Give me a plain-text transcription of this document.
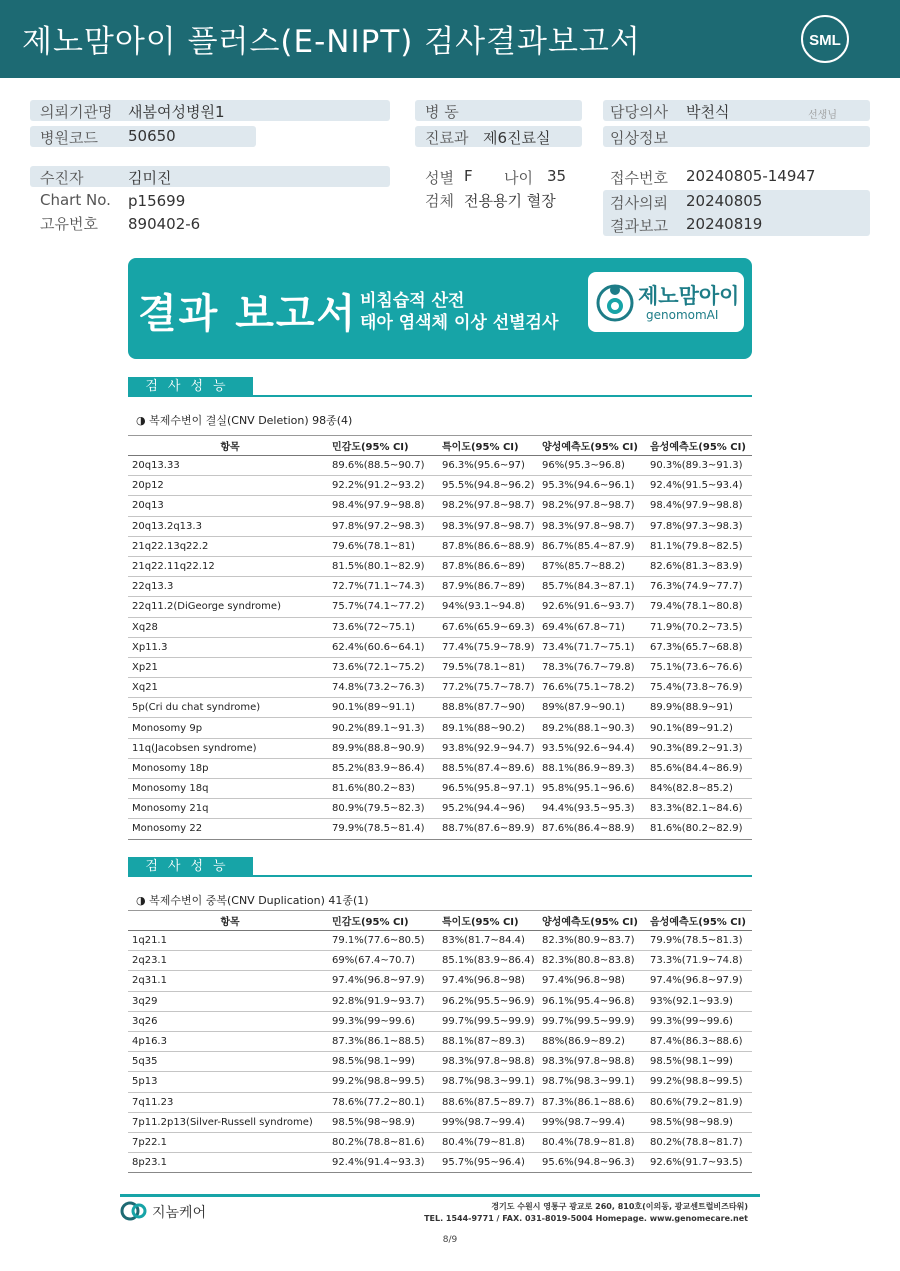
제노맘아이 플러스(E-NIPT) 검사결과보고서	SML
의뢰기관명 새봄여성병원1
병원코드 50650
병 동
진료과 제6진료실
담당의사 박천식	선생님
임상정보
수진자	김미진
Chart No. p15699
고유번호 890402-6
성별 F 나이 35
검체 전용용기 혈장
접수번호 20240805-14947
검사의뢰 20240805
결과보고 20240819
결과 보고서 비침습적 산전
태아 염색체 이상 선별검사
제노맘아이
genomomAI
검사성능
◑ 복제수변이 결실(CNV Deletion) 98종(4)
항목	민감도(95% CI)	특이도(95% CI)	양성예측도(95% CI)	음성예측도(95% CI)
20q13.33	89.6%(88.5~90.7)	96.3%(95.6~97)	96%(95.3~96.8)	90.3%(89.3~91.3)
20p12	92.2%(91.2~93.2)	95.5%(94.8~96.2)	95.3%(94.6~96.1)	92.4%(91.5~93.4)
20q13	98.4%(97.9~98.8)	98.2%(97.8~98.7)	98.2%(97.8~98.7)	98.4%(97.9~98.8)
20q13.2q13.3	97.8%(97.2~98.3)	98.3%(97.8~98.7)	98.3%(97.8~98.7)	97.8%(97.3~98.3)
21q22.13q22.2	79.6%(78.1~81)	87.8%(86.6~88.9)	86.7%(85.4~87.9)	81.1%(79.8~82.5)
21q22.11q22.12	81.5%(80.1~82.9)	87.8%(86.6~89)	87%(85.7~88.2)	82.6%(81.3~83.9)
22q13.3	72.7%(71.1~74.3)	87.9%(86.7~89)	85.7%(84.3~87.1)	76.3%(74.9~77.7)
22q11.2(DiGeorge syndrome)	75.7%(74.1~77.2)	94%(93.1~94.8)	92.6%(91.6~93.7)	79.4%(78.1~80.8)
Xq28	73.6%(72~75.1)	67.6%(65.9~69.3)	69.4%(67.8~71)	71.9%(70.2~73.5)
Xp11.3	62.4%(60.6~64.1)	77.4%(75.9~78.9)	73.4%(71.7~75.1)	67.3%(65.7~68.8)
Xp21	73.6%(72.1~75.2)	79.5%(78.1~81)	78.3%(76.7~79.8)	75.1%(73.6~76.6)
Xq21	74.8%(73.2~76.3)	77.2%(75.7~78.7)	76.6%(75.1~78.2)	75.4%(73.8~76.9)
5p(Cri du chat syndrome)	90.1%(89~91.1)	88.8%(87.7~90)	89%(87.9~90.1)	89.9%(88.9~91)
Monosomy 9p	90.2%(89.1~91.3)	89.1%(88~90.2)	89.2%(88.1~90.3)	90.1%(89~91.2)
11q(Jacobsen syndrome)	89.9%(88.8~90.9)	93.8%(92.9~94.7)	93.5%(92.6~94.4)	90.3%(89.2~91.3)
Monosomy 18p	85.2%(83.9~86.4)	88.5%(87.4~89.6)	88.1%(86.9~89.3)	85.6%(84.4~86.9)
Monosomy 18q	81.6%(80.2~83)	96.5%(95.8~97.1)	95.8%(95.1~96.6)	84%(82.8~85.2)
Monosomy 21q	80.9%(79.5~82.3)	95.2%(94.4~96)	94.4%(93.5~95.3)	83.3%(82.1~84.6)
Monosomy 22	79.9%(78.5~81.4)	88.7%(87.6~89.9)	87.6%(86.4~88.9)	81.6%(80.2~82.9)
검사성능
◑ 복제수변이 중복(CNV Duplication) 41종(1)
항목	민감도(95% CI)	특이도(95% CI)	양성예측도(95% CI)	음성예측도(95% CI)
1q21.1	79.1%(77.6~80.5)	83%(81.7~84.4)	82.3%(80.9~83.7)	79.9%(78.5~81.3)
2q23.1	69%(67.4~70.7)	85.1%(83.9~86.4)	82.3%(80.8~83.8)	73.3%(71.9~74.8)
2q31.1	97.4%(96.8~97.9)	97.4%(96.8~98)	97.4%(96.8~98)	97.4%(96.8~97.9)
3q29	92.8%(91.9~93.7)	96.2%(95.5~96.9)	96.1%(95.4~96.8)	93%(92.1~93.9)
3q26	99.3%(99~99.6)	99.7%(99.5~99.9)	99.7%(99.5~99.9)	99.3%(99~99.6)
4p16.3	87.3%(86.1~88.5)	88.1%(87~89.3)	88%(86.9~89.2)	87.4%(86.3~88.6)
5q35	98.5%(98.1~99)	98.3%(97.8~98.8)	98.3%(97.8~98.8)	98.5%(98.1~99)
5p13	99.2%(98.8~99.5)	98.7%(98.3~99.1)	98.7%(98.3~99.1)	99.2%(98.8~99.5)
7q11.23	78.6%(77.2~80.1)	88.6%(87.5~89.7)	87.3%(86.1~88.6)	80.6%(79.2~81.9)
7p11.2p13(Silver-Russell syndrome)	98.5%(98~98.9)	99%(98.7~99.4)	99%(98.7~99.4)	98.5%(98~98.9)
7p22.1	80.2%(78.8~81.6)	80.4%(79~81.8)	80.4%(78.9~81.8)	80.2%(78.8~81.7)
8p23.1	92.4%(91.4~93.3)	95.7%(95~96.4)	95.6%(94.8~96.3)	92.6%(91.7~93.5)
지놈케어	경기도 수원시 영통구 광교로 260, 810호(이의동, 광교센트럴비즈타워)
TEL. 1544-9771 / FAX. 031-8019-5004 Homepage. www.genomecare.net
8/9
